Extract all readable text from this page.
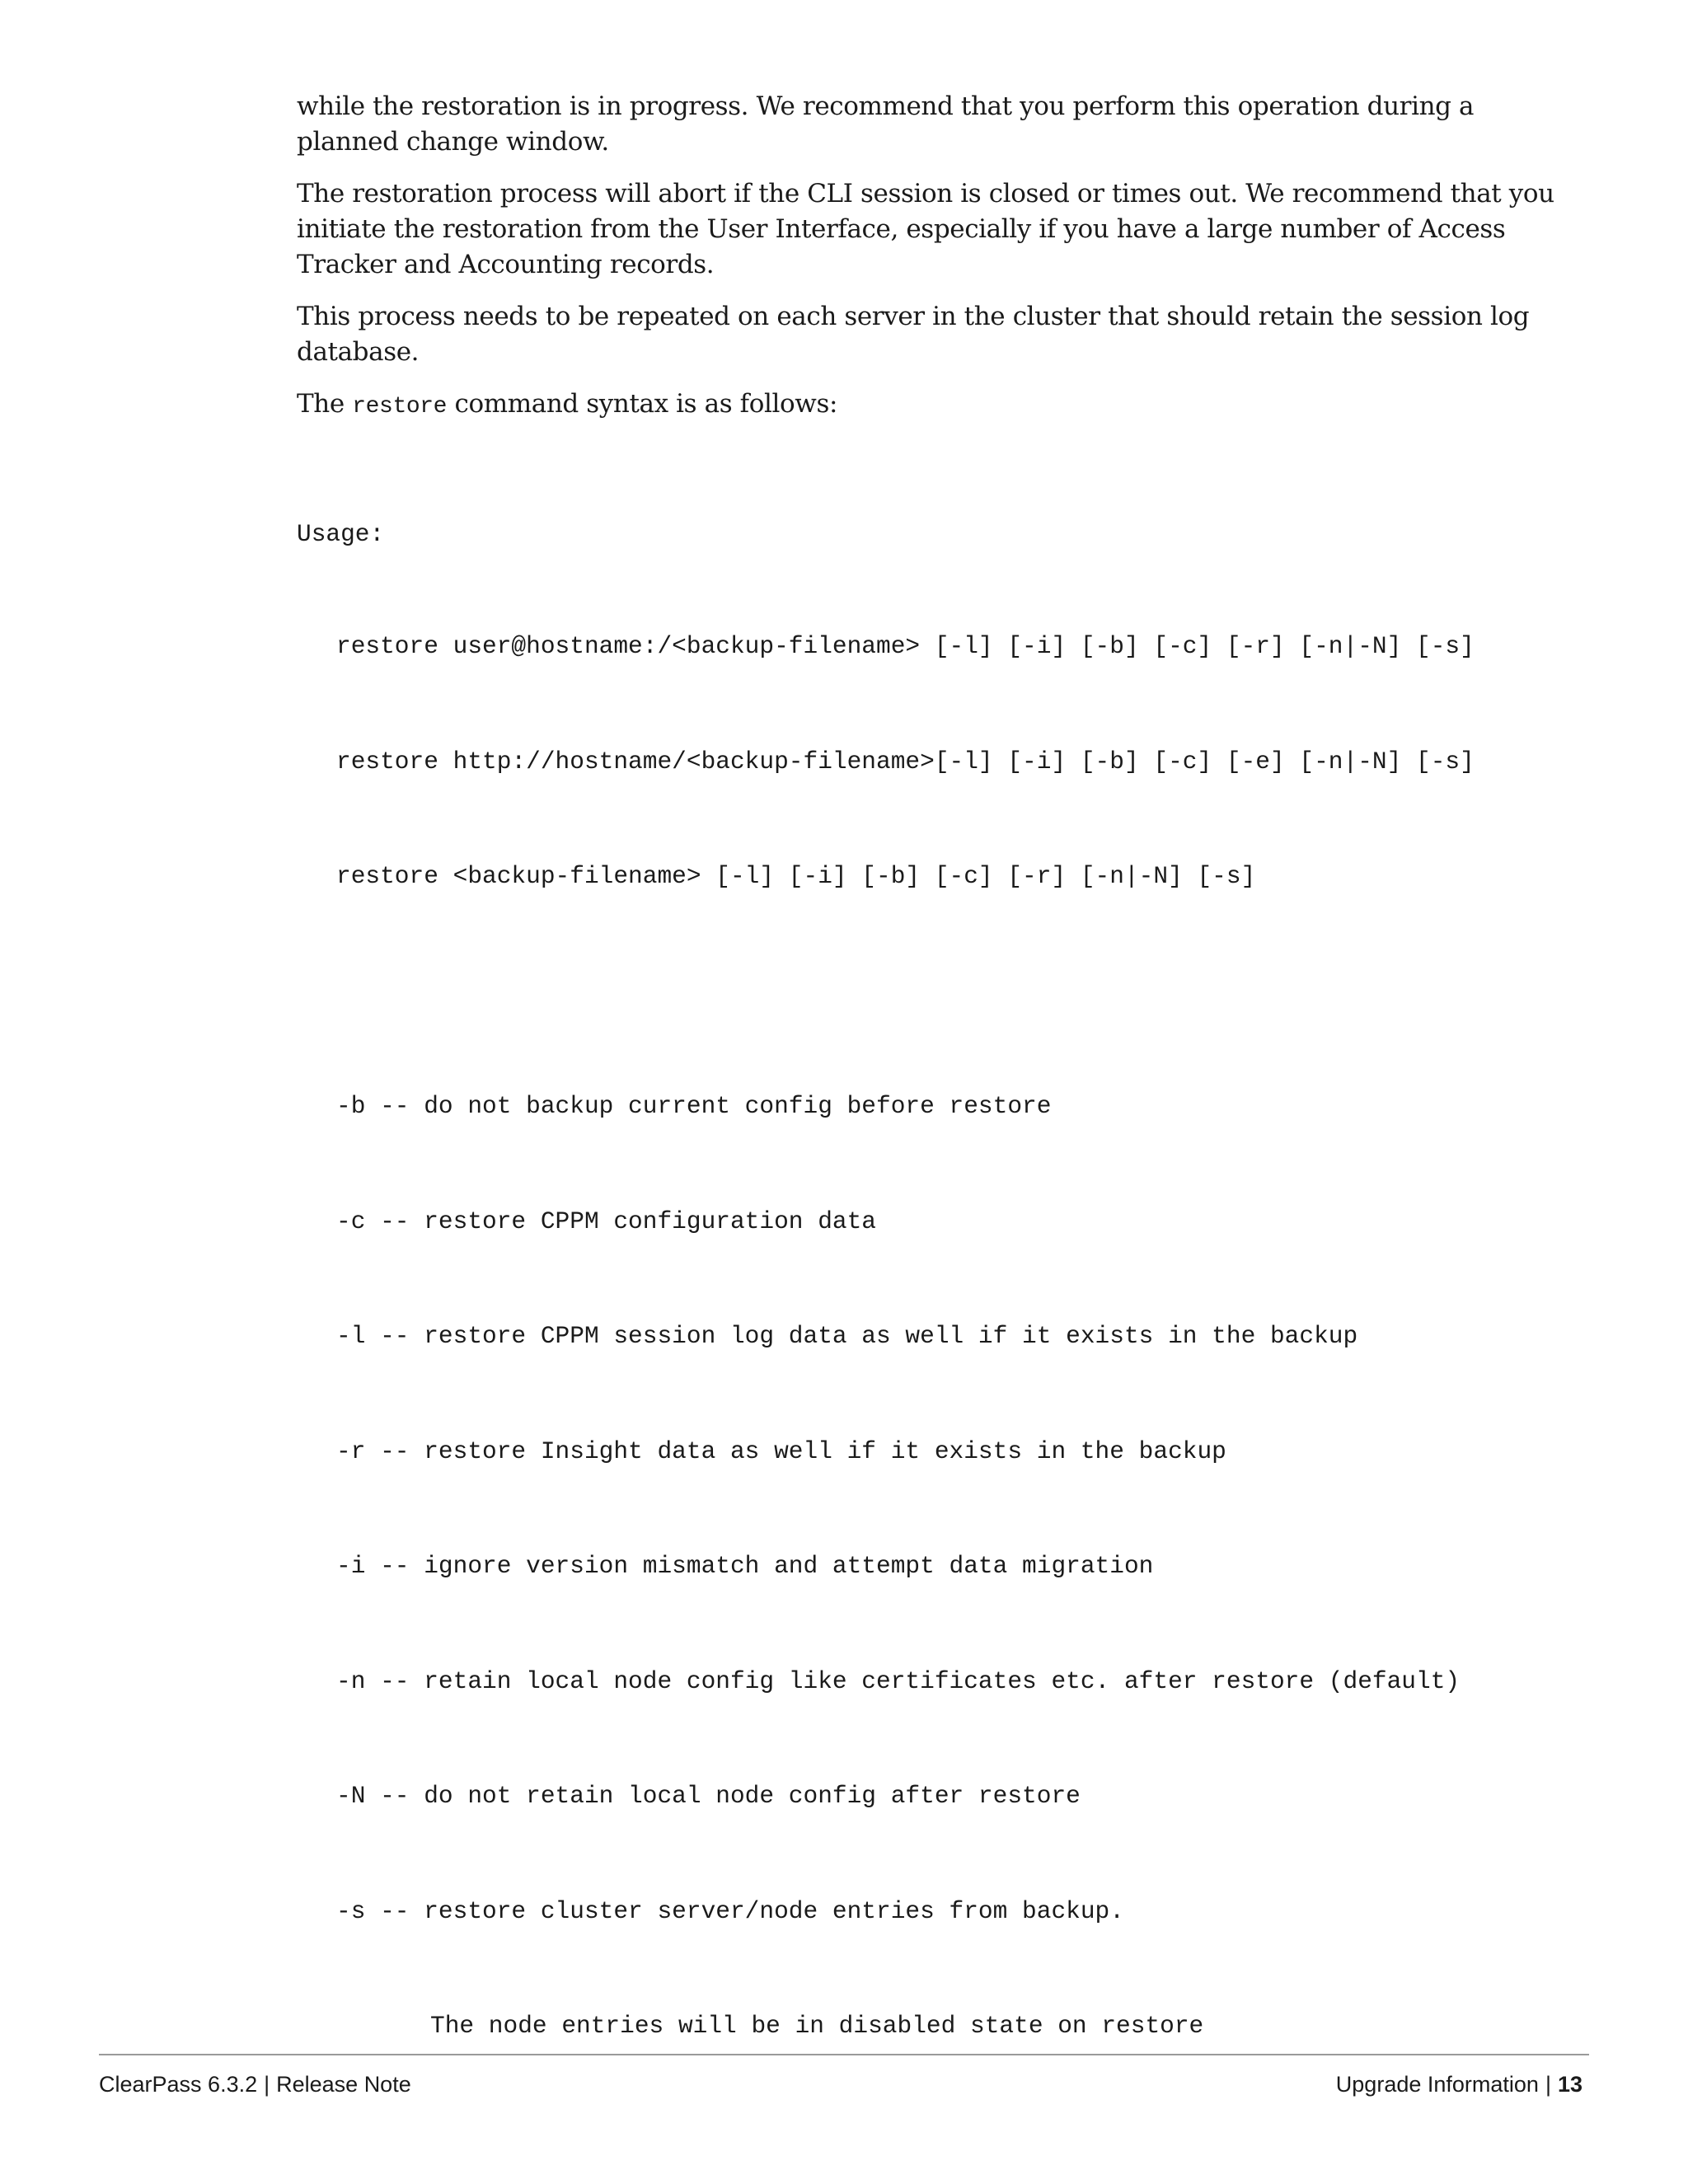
while the restoration is in progress. We recommend that you perform this operation during a planned change window.

The restoration process will abort if the CLI session is closed or times out. We recommend that you initiate the restoration from the User Interface, especially if you have a large number of Access Tracker and Accounting records.

This process needs to be repeated on each server in the cluster that should retain the session log database.

The restore command syntax is as follows:

Usage:

restore user@hostname:/<backup-filename> [-l] [-i] [-b] [-c] [-r] [-n|-N] [-s]

restore http://hostname/<backup-filename>[-l] [-i] [-b] [-c] [-e] [-n|-N] [-s]

restore <backup-filename> [-l] [-i] [-b] [-c] [-r] [-n|-N] [-s]

-b -- do not backup current config before restore

-c -- restore CPPM configuration data

-l -- restore CPPM session log data as well if it exists in the backup

-r -- restore Insight data as well if it exists in the backup

-i -- ignore version mismatch and attempt data migration

-n -- retain local node config like certificates etc. after restore (default)

-N -- do not retain local node config after restore

-s -- restore cluster server/node entries from backup.

The node entries will be in disabled state on restore

ClearPass 6.3.2 | Release Note	Upgrade Information | 13
